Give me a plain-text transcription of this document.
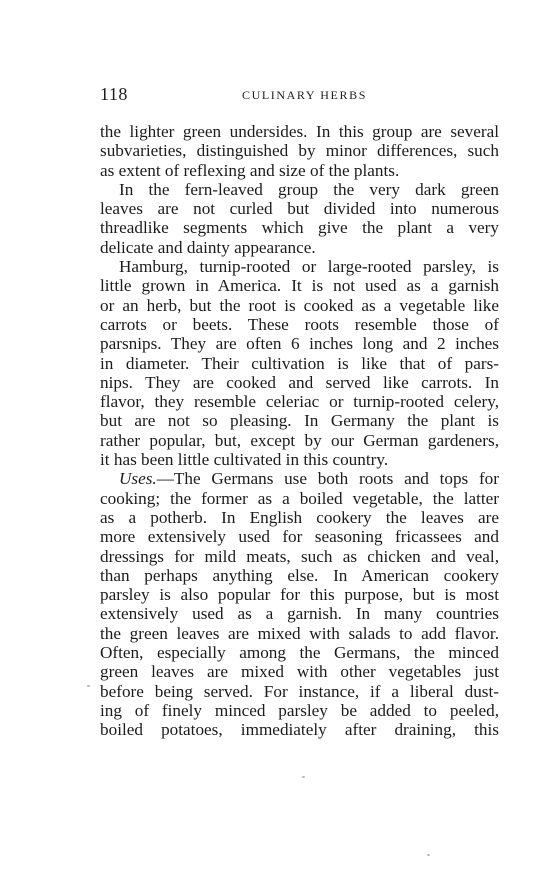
118	CULINARY HERBS
the lighter green undersides. In this group are several
subvarieties, distinguished by minor differences, such
as extent of reflexing and size of the plants.
In the fern-leaved group the very dark green
leaves are not curled but divided into numerous
threadlike segments which give the plant a very
delicate and dainty appearance.
Hamburg, turnip-rooted or large-rooted parsley, is
little grown in America. It is not used as a garnish
or an herb, but the root is cooked as a vegetable like
carrots or beets. These roots resemble those of
parsnips. They are often 6 inches long and 2 inches
in diameter. Their cultivation is like that of pars-
nips. They are cooked and served like carrots. In
flavor, they resemble celeriac or turnip-rooted celery,
but are not so pleasing. In Germany the plant is
rather popular, but, except by our German gardeners,
it has been little cultivated in this country.
Uses.—The Germans use both roots and tops for
cooking; the former as a boiled vegetable, the latter
as a potherb. In English cookery the leaves are
more extensively used for seasoning fricassees and
dressings for mild meats, such as chicken and veal,
than perhaps anything else. In American cookery
parsley is also popular for this purpose, but is most
extensively used as a garnish. In many countries
the green leaves are mixed with salads to add flavor.
Often, especially among the Germans, the minced
green leaves are mixed with other vegetables just
before being served. For instance, if a liberal dust-
ing of finely minced parsley be added to peeled,
boiled potatoes, immediately after draining, this
